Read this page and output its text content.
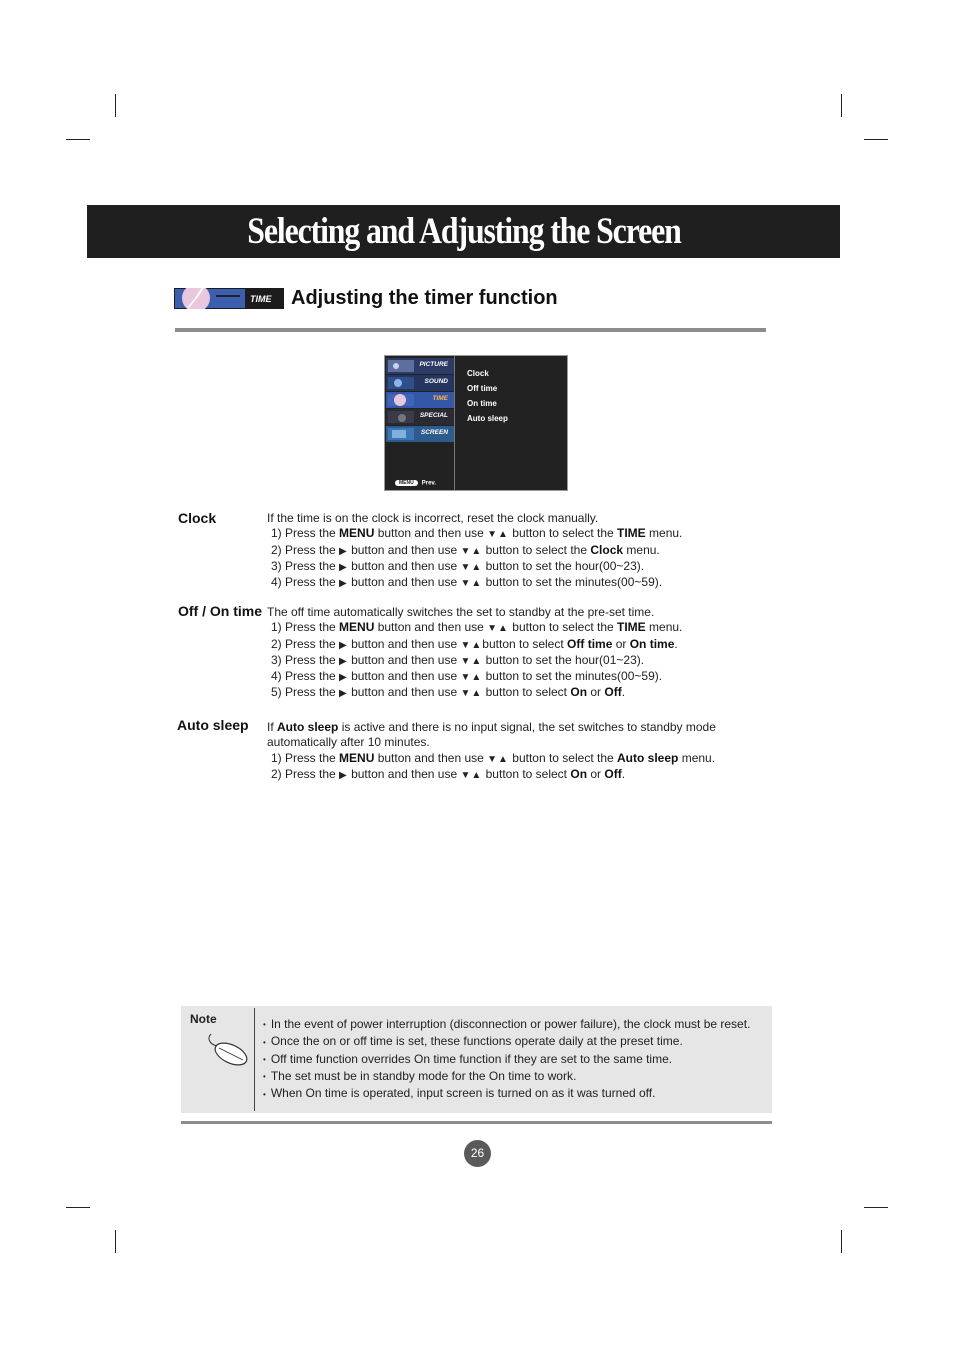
Selecting and Adjusting the Screen
TIME Adjusting the timer function
PICTURE
SOUND
TIME
SPECIAL
SCREEN
Clock
Off time
On time
Auto sleep
MENU Prev.
Clock	If the time is on the clock is incorrect, reset the clock manually.

1) Press the MENU button and then use ▼▲ button to select the TIME menu.

2) Press the ▶ button and then use ▼▲ button to select the Clock menu.

3) Press the ▶ button and then use ▼▲ button to set the hour(00~23).

4) Press the ▶ button and then use ▼▲ button to set the minutes(00~59).

Off / On time The off time automatically switches the set to standby at the pre-set time.

1) Press the MENU button and then use ▼▲ button to select the TIME menu.

2) Press the ▶ button and then use ▼▲button to select Off time or On time.

3) Press the ▶ button and then use ▼▲ button to set the hour(01~23).

4) Press the ▶ button and then use ▼▲ button to set the minutes(00~59).

5) Press the ▶ button and then use ▼▲ button to select On or Off.

Auto sleep If Auto sleep is active and there is no input signal, the set switches to standby mode

automatically after 10 minutes.

1) Press the MENU button and then use ▼▲ button to select the Auto sleep menu.

2) Press the ▶ button and then use ▼▲ button to select On or Off.

Note
•	In the event of power interruption (disconnection or power failure), the clock must be reset.
• Once the on or off time is set, these functions operate daily at the preset time.
• Off time function overrides On time function if they are set to the same time.
• The set must be in standby mode for the On time to work.
• When On time is operated, input screen is turned on as it was turned off.
26
